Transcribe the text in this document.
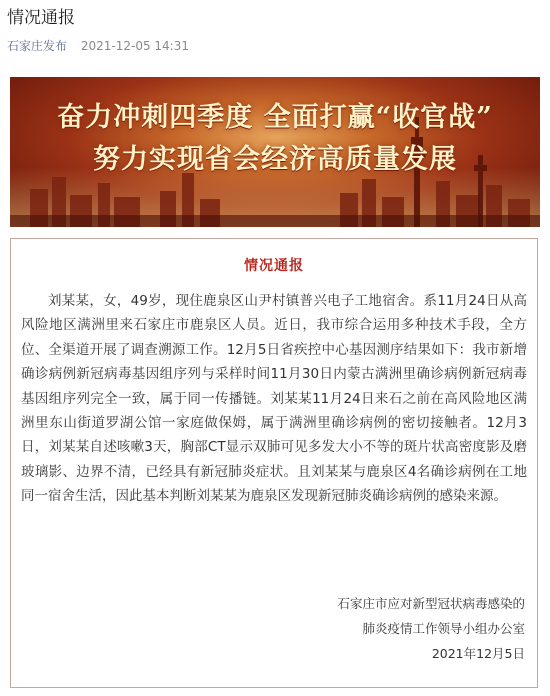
情况通报
石家庄发布 2021-12-05 14:31
奋力冲刺四季度 全面打赢“收官战”
努力实现省会经济高质量发展
情况通报

刘某某，女，49岁，现住鹿泉区山尹村镇普兴电子工地宿舍。系11月24日从高风险地区满洲里来石家庄市鹿泉区人员。近日，我市综合运用多种技术手段，全方位、全渠道开展了调查溯源工作。12月5日省疾控中心基因测序结果如下：我市新增确诊病例新冠病毒基因组序列与采样时间11月30日内蒙古满洲里确诊病例新冠病毒基因组序列完全一致，属于同一传播链。刘某某11月24日来石之前在高风险地区满洲里东山街道罗湖公馆一家庭做保姆，属于满洲里确诊病例的密切接触者。12月3日，刘某某自述咳嗽3天，胸部CT显示双肺可见多发大小不等的斑片状高密度影及磨玻璃影、边界不清，已经具有新冠肺炎症状。且刘某某与鹿泉区4名确诊病例在工地同一宿舍生活，因此基本判断刘某某为鹿泉区发现新冠肺炎确诊病例的感染来源。

石家庄市应对新型冠状病毒感染的
肺炎疫情工作领导小组办公室
2021年12月5日
